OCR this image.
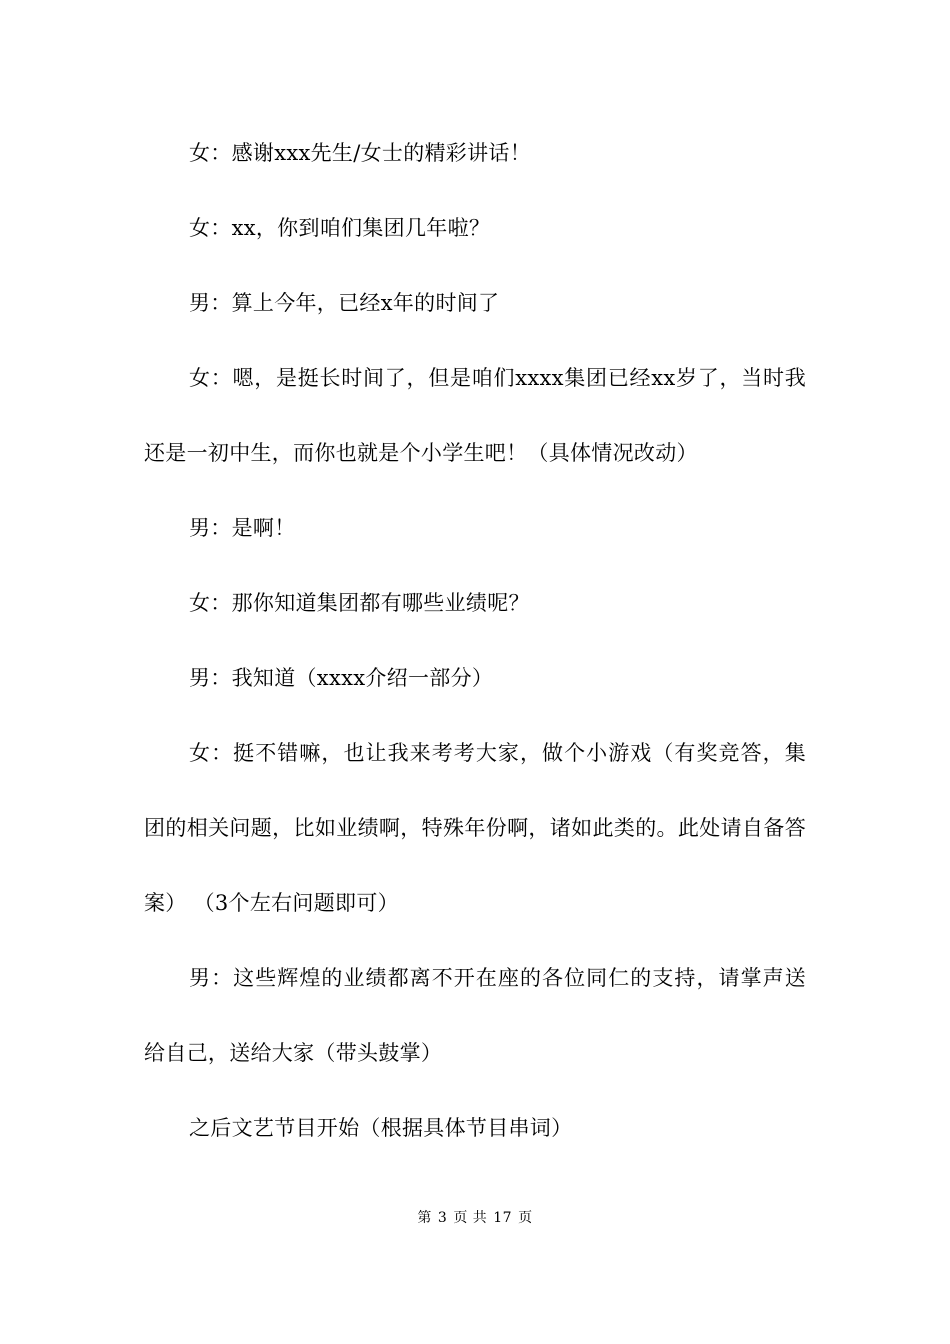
女：感谢xxx先生/女士的精彩讲话！

女：xx，你到咱们集团几年啦？

男：算上今年，已经x年的时间了

女：嗯，是挺长时间了，但是咱们xxxx集团已经xx岁了，当时我还是一初中生，而你也就是个小学生吧！（具体情况改动）

男：是啊！

女：那你知道集团都有哪些业绩呢？

男：我知道（xxxx介绍一部分）

女：挺不错嘛，也让我来考考大家，做个小游戏（有奖竞答，集团的相关问题，比如业绩啊，特殊年份啊，诸如此类的。此处请自备答案） （3个左右问题即可）

男：这些辉煌的业绩都离不开在座的各位同仁的支持，请掌声送给自己，送给大家（带头鼓掌）

之后文艺节目开始（根据具体节目串词）

第 3 页 共 17 页
